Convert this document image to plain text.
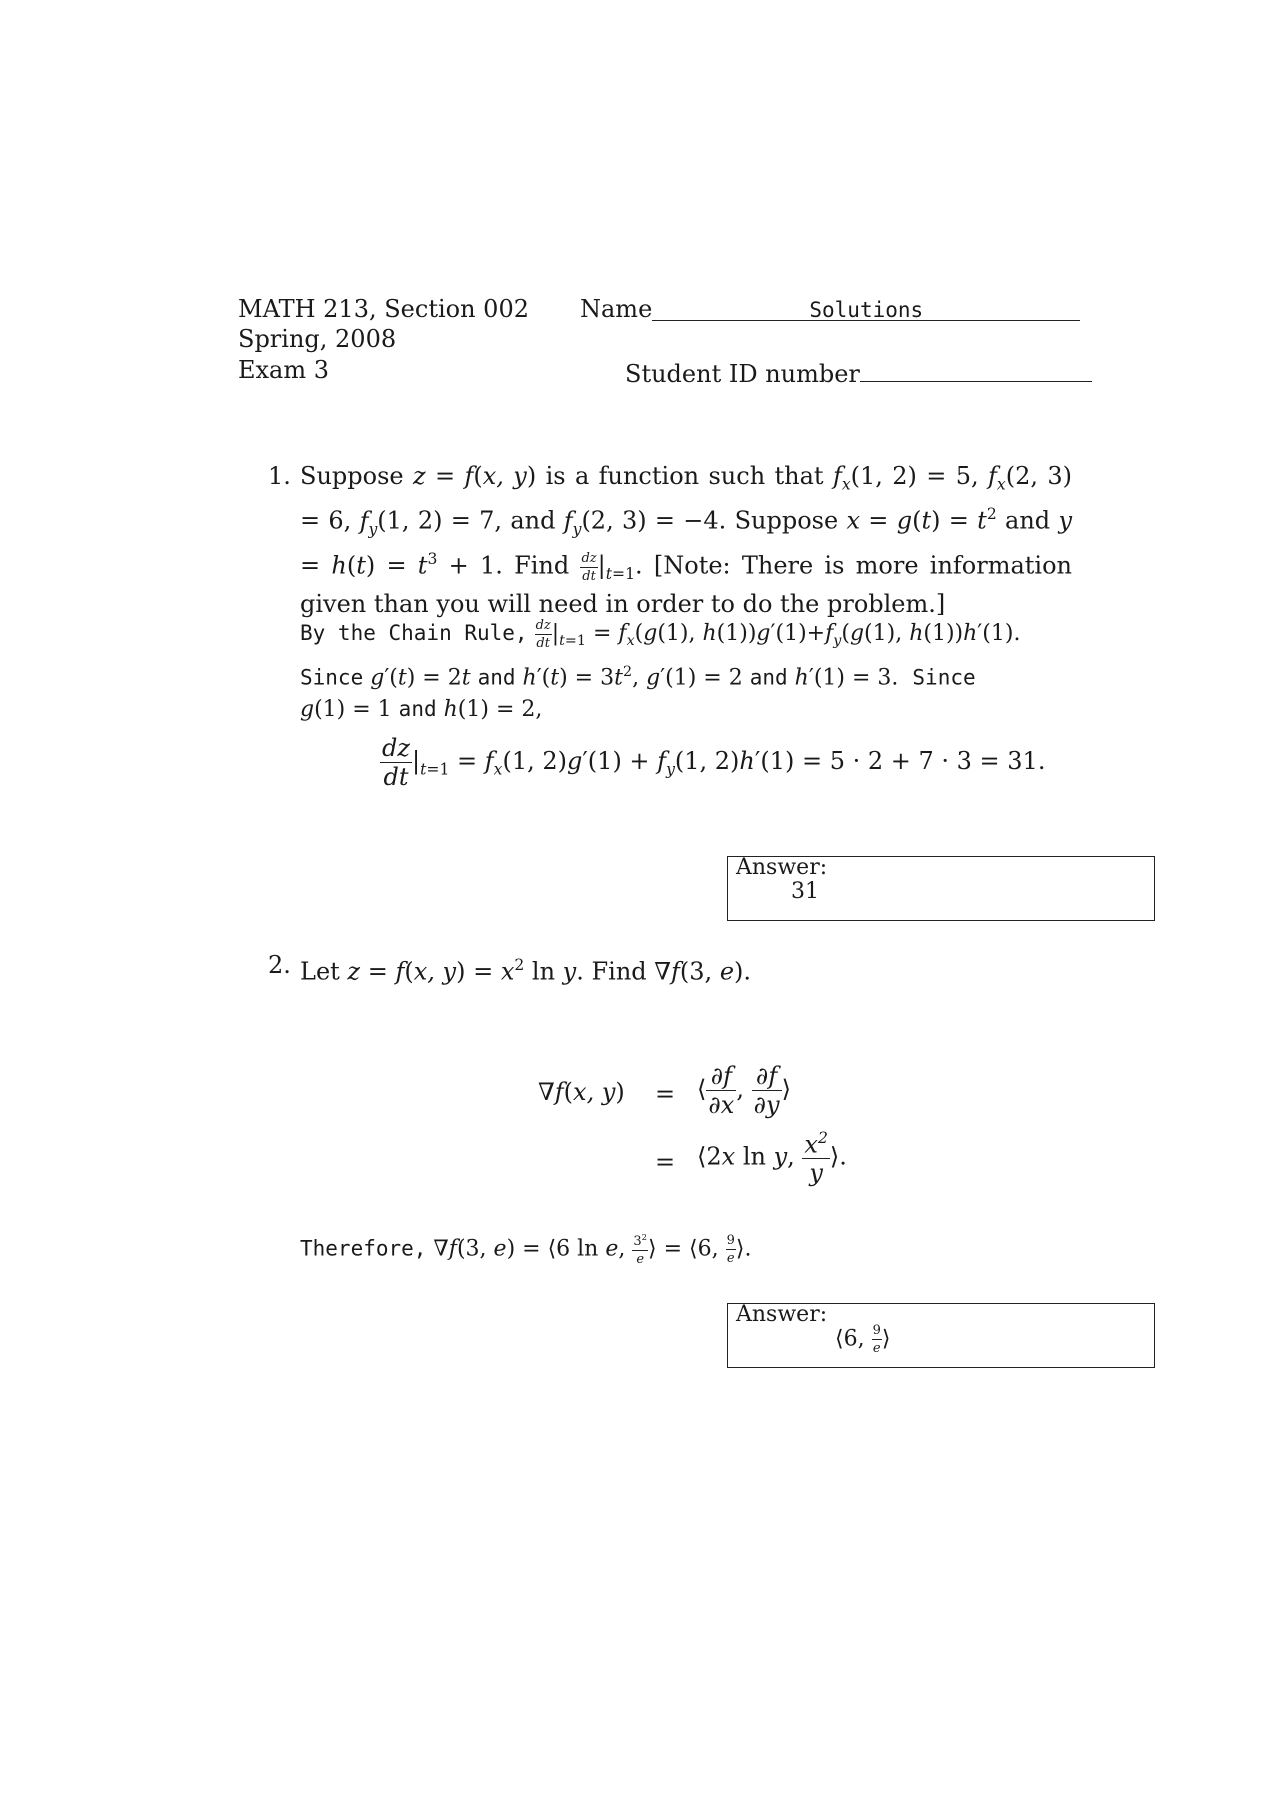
MATH 213, Section 002
Spring, 2008
Exam 3
Name	Solutions
Student ID number
1. Suppose z = f(x, y) is a function such that $f_x(1$, 2) = 5, $f_x(2$, 3) = 6, $f_y(1$, 2) = 7, and $f_y(2$, 3) = −4. Suppose $x = g(t) = t^2$ and $y = h(t) = t^3 + 1$. Find $\frac{dz}{dt} |_{t=1}$. [Note: There is more information given than you will need in order to do the problem.]
By the Chain Rule, $\frac{dz}{dt} |_{t=1} = f_x(g(1)$, $h(1))g'(1)+f_y(g(1)$, h(1))h′(1).
Since g′(t) = 2t and $h'(t) = 3t^2$, g′(1) = 2 and h′(1) = 3.  Since
g(1) = 1 and h(1) = 2,
$\frac{dz}{dt} |_{t=1} = f_x(1$, $2)g'(1) + f_y(1$, 2)h′(1) = 5 · 2 + 7 · 3 = 31.
Answer:
31
2. Let z = f(x, $y) = x^2$ ln y. Find ∇f(3, e).
∇f(x, y) = ⟨ $\frac{\partial f}{\partial x}$ , $\frac{\partial f}{\partial y}$ ⟩
= ⟨2x ln y, $\frac{x^2}{y}$ ⟩.
Therefore, ∇f(3, e) = ⟨6 ln e, $\frac{3^2}{e}$ ⟩ = ⟨6, $\frac{9}{e}$ ⟩.
Answer:
⟨6, $\frac{9}{e}$ ⟩
